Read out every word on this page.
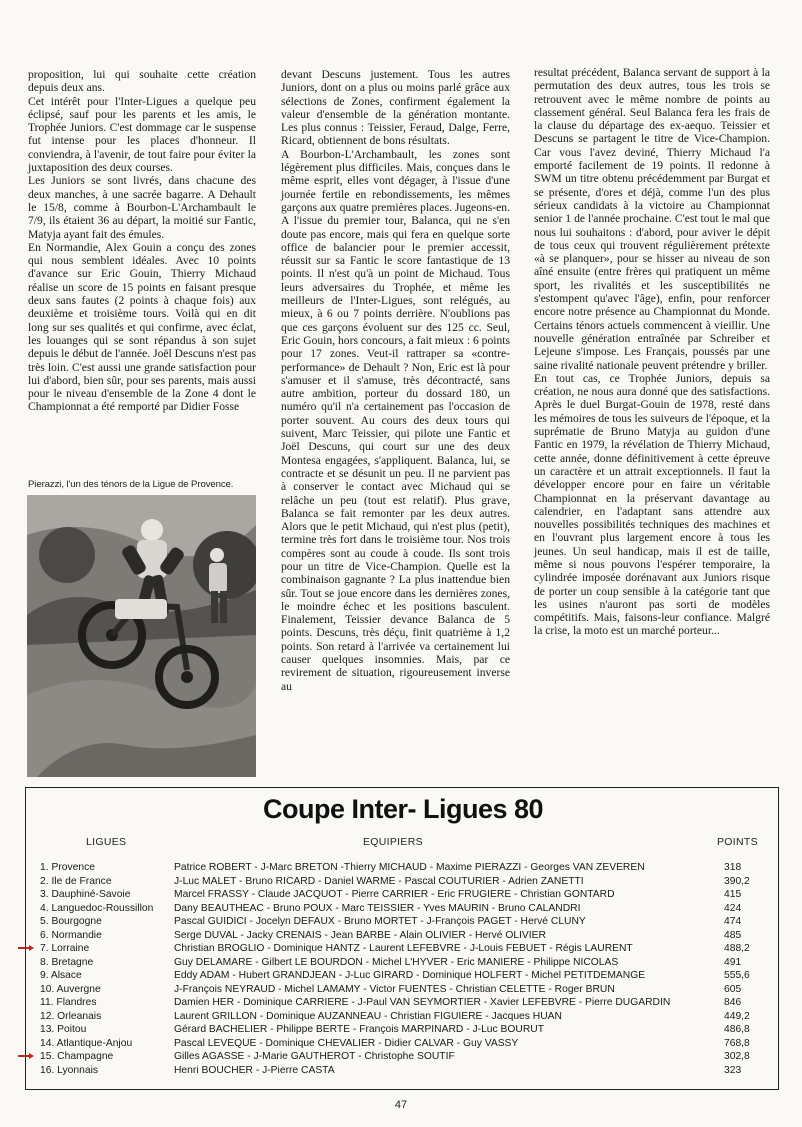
proposition, lui qui souhaite cette création depuis deux ans.

Cet intérêt pour l'Inter-Ligues a quelque peu éclipsé, sauf pour les parents et les amis, le Trophée Juniors. C'est dommage car le suspense fut intense pour les places d'honneur. Il conviendra, à l'avenir, de tout faire pour éviter la juxtaposition des deux courses.

Les Juniors se sont livrés, dans chacune des deux manches, à une sacrée bagarre. A Dehault le 15/8, comme à Bourbon-L'Archambault le 7/9, ils étaient 36 au départ, la moitié sur Fantic, Matyja ayant fait des émules.

En Normandie, Alex Gouin a conçu des zones qui nous semblent idéales. Avec 10 points d'avance sur Eric Gouin, Thierry Michaud réalise un score de 15 points en faisant presque deux sans fautes (2 points à chaque fois) aux deuxième et troisième tours. Voilà qui en dit long sur ses qualités et qui confirme, avec éclat, les louanges qui se sont répandus à son sujet depuis le début de l'année. Joël Descuns n'est pas très loin. C'est aussi une grande satisfaction pour lui d'abord, bien sûr, pour ses parents, mais aussi pour le niveau d'ensemble de la Zone 4 dont le Championnat a été remporté par Didier Fosse

Pierazzi, l'un des ténors de la Ligue de Provence.

devant Descuns justement. Tous les autres Juniors, dont on a plus ou moins parlé grâce aux sélections de Zones, confirment également la valeur d'ensemble de la génération montante. Les plus connus : Teissier, Feraud, Dalge, Ferre, Ricard, obtiennent de bons résultats.

A Bourbon-L'Archambault, les zones sont légèrement plus difficiles. Mais, conçues dans le même esprit, elles vont dégager, à l'issue d'une journée fertile en rebondissements, les mêmes garçons aux quatre premières places. Jugeons-en. A l'issue du premier tour, Balanca, qui ne s'en doute pas encore, mais qui fera en quelque sorte office de balancier pour le premier accessit, réussit sur sa Fantic le score fantastique de 13 points. Il n'est qu'à un point de Michaud. Tous leurs adversaires du Trophée, et même les meilleurs de l'Inter-Ligues, sont relégués, au mieux, à 6 ou 7 points derrière. N'oublions pas que ces garçons évoluent sur des 125 cc. Seul, Eric Gouin, hors concours, a fait mieux : 6 points pour 17 zones. Veut-il rattraper sa «contre-performance» de Dehault ? Non, Eric est là pour s'amuser et il s'amuse, très décontracté, sans autre ambition, porteur du dossard 180, un numéro qu'il n'a certainement pas l'occasion de porter souvent. Au cours des deux tours qui suivent, Marc Teissier, qui pilote une Fantic et Joël Descuns, qui court sur une des deux Montesa engagées, s'appliquent. Balanca, lui, se contracte et se désunit un peu. Il ne parvient pas à conserver le contact avec Michaud qui se relâche un peu (tout est relatif). Plus grave, Balanca se fait remonter par les deux autres. Alors que le petit Michaud, qui n'est plus (petit), termine très fort dans le troisième tour. Nos trois compères sont au coude à coude. Ils sont trois pour un titre de Vice-Champion. Quelle est la combinaison gagnante ? La plus inattendue bien sûr. Tout se joue encore dans les dernières zones, le moindre échec et les positions basculent. Finalement, Teissier devance Balanca de 5 points. Descuns, très déçu, finit quatrième à 1,2 points. Son retard à l'arrivée va certainement lui causer quelques insomnies. Mais, par ce revirement de situation, rigoureusement inverse au

resultat précédent, Balanca servant de support à la permutation des deux autres, tous les trois se retrouvent avec le même nombre de points au classement général. Seul Balanca fera les frais de la clause du départage des ex-aequo. Teissier et Descuns se partagent le titre de Vice-Champion. Car vous l'avez deviné, Thierry Michaud l'a emporté facilement de 19 points. Il redonne à SWM un titre obtenu précédemment par Burgat et se présente, d'ores et déjà, comme l'un des plus sérieux candidats à la victoire au Championnat senior 1 de l'année prochaine. C'est tout le mal que nous lui souhaitons : d'abord, pour aviver le dépit de tous ceux qui trouvent régulièrement prétexte «à se planquer», pour se hisser au niveau de son aîné ensuite (entre frères qui pratiquent un même sport, les rivalités et les susceptibilités ne s'estompent qu'avec l'âge), enfin, pour renforcer encore notre présence au Championnat du Monde. Certains ténors actuels commencent à vieillir. Une nouvelle génération entraînée par Schreiber et Lejeune s'impose. Les Français, poussés par une saine rivalité nationale peuvent prétendre y briller.

En tout cas, ce Trophée Juniors, depuis sa création, ne nous aura donné que des satisfactions. Après le duel Burgat-Gouin de 1978, resté dans les mémoires de tous les suiveurs de l'époque, et la suprématie de Bruno Matyja au guidon d'une Fantic en 1979, la révélation de Thierry Michaud, cette année, donne définitivement à cette épreuve un caractère et un attrait exceptionnels. Il faut la développer encore pour en faire un véritable Championnat en la préservant davantage au calendrier, en l'adaptant sans attendre aux nouvelles possibilités techniques des machines et en l'ouvrant plus largement encore à tous les jeunes. Un seul handicap, mais il est de taille, même si nous pouvons l'espérer temporaire, la cylindrée imposée dorénavant aux Juniors risque de porter un coup sensible à la catégorie tant que les usines n'auront pas sorti de modèles compétitifs. Mais, faisons-leur confiance. Malgré la crise, la moto est un marché porteur...

Coupe Inter- Ligues 80
LIGUES	EQUIPIERS	POINTS
1. Provence	Patrice ROBERT - J-Marc BRETON -Thierry MICHAUD - Maxime PIERAZZI - Georges VAN ZEVEREN	318
2. Ile de France	J-Luc MALET - Bruno RICARD - Daniel WARME - Pascal COUTURIER - Adrien ZANETTI	390,2
3. Dauphiné-Savoie	Marcel FRASSY - Claude JACQUOT - Pierre CARRIER - Eric FRUGIERE - Christian GONTARD	415
4. Languedoc-Roussillon	Dany BEAUTHEAC - Bruno POUX - Marc TEISSIER - Yves MAURIN - Bruno CALANDRI	424
5. Bourgogne	Pascal GUIDICI - Jocelyn DEFAUX - Bruno MORTET - J-François PAGET - Hervé CLUNY	474
6. Normandie	Serge DUVAL - Jacky CRENAIS - Jean BARBE - Alain OLIVIER - Hervé OLIVIER	485
7. Lorraine	Christian BROGLIO - Dominique HANTZ - Laurent LEFEBVRE - J-Louis FEBUET - Régis LAURENT	488,2
8. Bretagne	Guy DELAMARE - Gilbert LE BOURDON - Michel L'HYVER - Eric MANIERE - Philippe NICOLAS	491
9. Alsace	Eddy ADAM - Hubert GRANDJEAN - J-Luc GIRARD - Dominique HOLFERT - Michel PETITDEMANGE	555,6
10. Auvergne	J-François NEYRAUD - Michel LAMAMY - Victor FUENTES - Christian CELETTE - Roger BRUN	605
11. Flandres	Damien HER - Dominique CARRIERE - J-Paul VAN SEYMORTIER - Xavier LEFEBVRE - Pierre DUGARDIN	846
12. Orleanais	Laurent GRILLON - Dominique AUZANNEAU - Christian FIGUIERE - Jacques HUAN	449,2
13. Poitou	Gérard BACHELIER - Philippe BERTE - François MARPINARD - J-Luc BOURUT	486,8
14. Atlantique-Anjou	Pascal LEVEQUE - Dominique CHEVALIER - Didier CALVAR - Guy VASSY	768,8
15. Champagne	Gilles AGASSE - J-Marie GAUTHEROT - Christophe SOUTIF	302,8
16. Lyonnais	Henri BOUCHER - J-Pierre CASTA	323
47
